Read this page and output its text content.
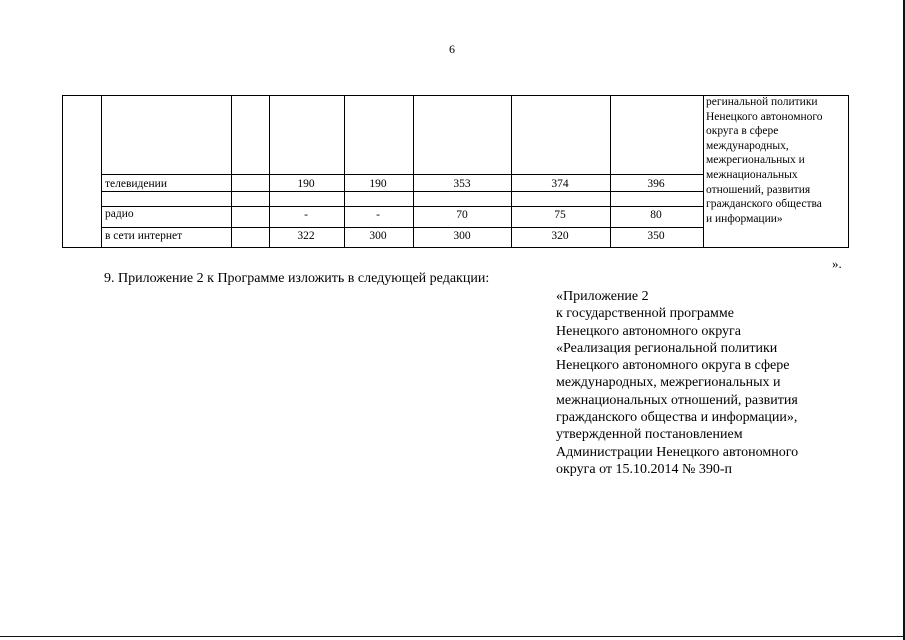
6
телевидении	190	190	353	374	396
радио	-	-	70	75	80
в сети интернет	322	300	300	320	350
регинальной политики
Ненецкого автономного
округа в сфере
международных,
межрегиональных и
межнациональных
отношений, развития
гражданского общества
и информации»
».
9. Приложение 2 к Программе изложить в следующей редакции:
«Приложение 2
к государственной программе
Ненецкого автономного округа
«Реализация региональной политики
Ненецкого автономного округа в сфере
международных, межрегиональных и
межнациональных отношений, развития
гражданского общества и информации»,
утвержденной постановлением
Администрации Ненецкого автономного
округа от 15.10.2014 № 390-п
